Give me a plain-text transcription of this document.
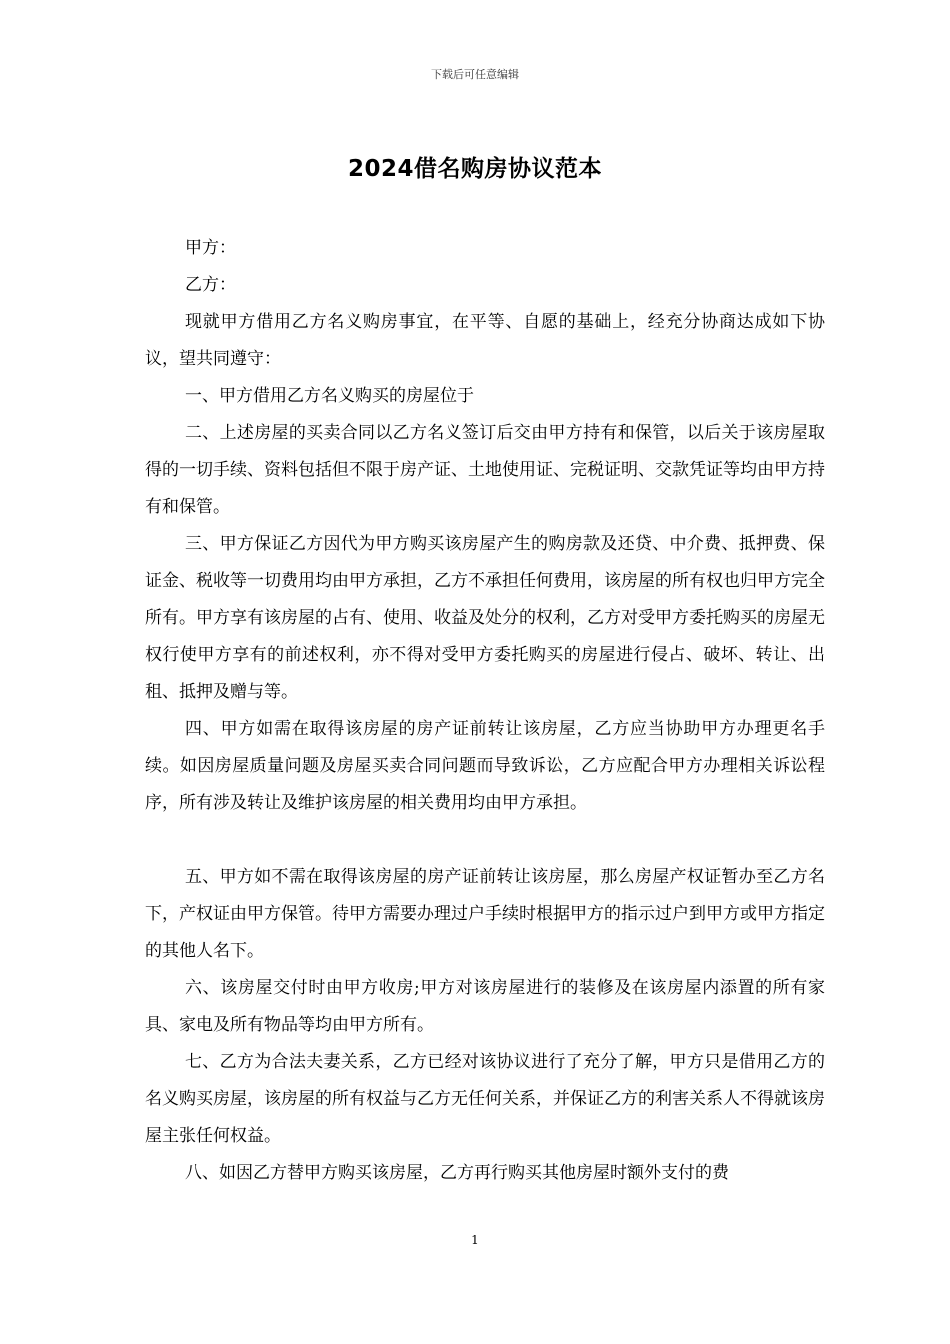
下载后可任意编辑
2024借名购房协议范本

甲方：

乙方：

现就甲方借用乙方名义购房事宜，在平等、自愿的基础上，经充分协商达成如下协议，望共同遵守：

一、甲方借用乙方名义购买的房屋位于

二、上述房屋的买卖合同以乙方名义签订后交由甲方持有和保管，以后关于该房屋取得的一切手续、资料包括但不限于房产证、土地使用证、完税证明、交款凭证等均由甲方持有和保管。

三、甲方保证乙方因代为甲方购买该房屋产生的购房款及还贷、中介费、抵押费、保证金、税收等一切费用均由甲方承担，乙方不承担任何费用，该房屋的所有权也归甲方完全所有。甲方享有该房屋的占有、使用、收益及处分的权利，乙方对受甲方委托购买的房屋无权行使甲方享有的前述权利，亦不得对受甲方委托购买的房屋进行侵占、破坏、转让、出租、抵押及赠与等。

四、甲方如需在取得该房屋的房产证前转让该房屋，乙方应当协助甲方办理更名手续。如因房屋质量问题及房屋买卖合同问题而导致诉讼，乙方应配合甲方办理相关诉讼程序，所有涉及转让及维护该房屋的相关费用均由甲方承担。

五、甲方如不需在取得该房屋的房产证前转让该房屋，那么房屋产权证暂办至乙方名下，产权证由甲方保管。待甲方需要办理过户手续时根据甲方的指示过户到甲方或甲方指定的其他人名下。

六、该房屋交付时由甲方收房;甲方对该房屋进行的装修及在该房屋内添置的所有家具、家电及所有物品等均由甲方所有。

七、乙方为合法夫妻关系，乙方已经对该协议进行了充分了解，甲方只是借用乙方的名义购买房屋，该房屋的所有权益与乙方无任何关系，并保证乙方的利害关系人不得就该房屋主张任何权益。

八、如因乙方替甲方购买该房屋，乙方再行购买其他房屋时额外支付的费

1
